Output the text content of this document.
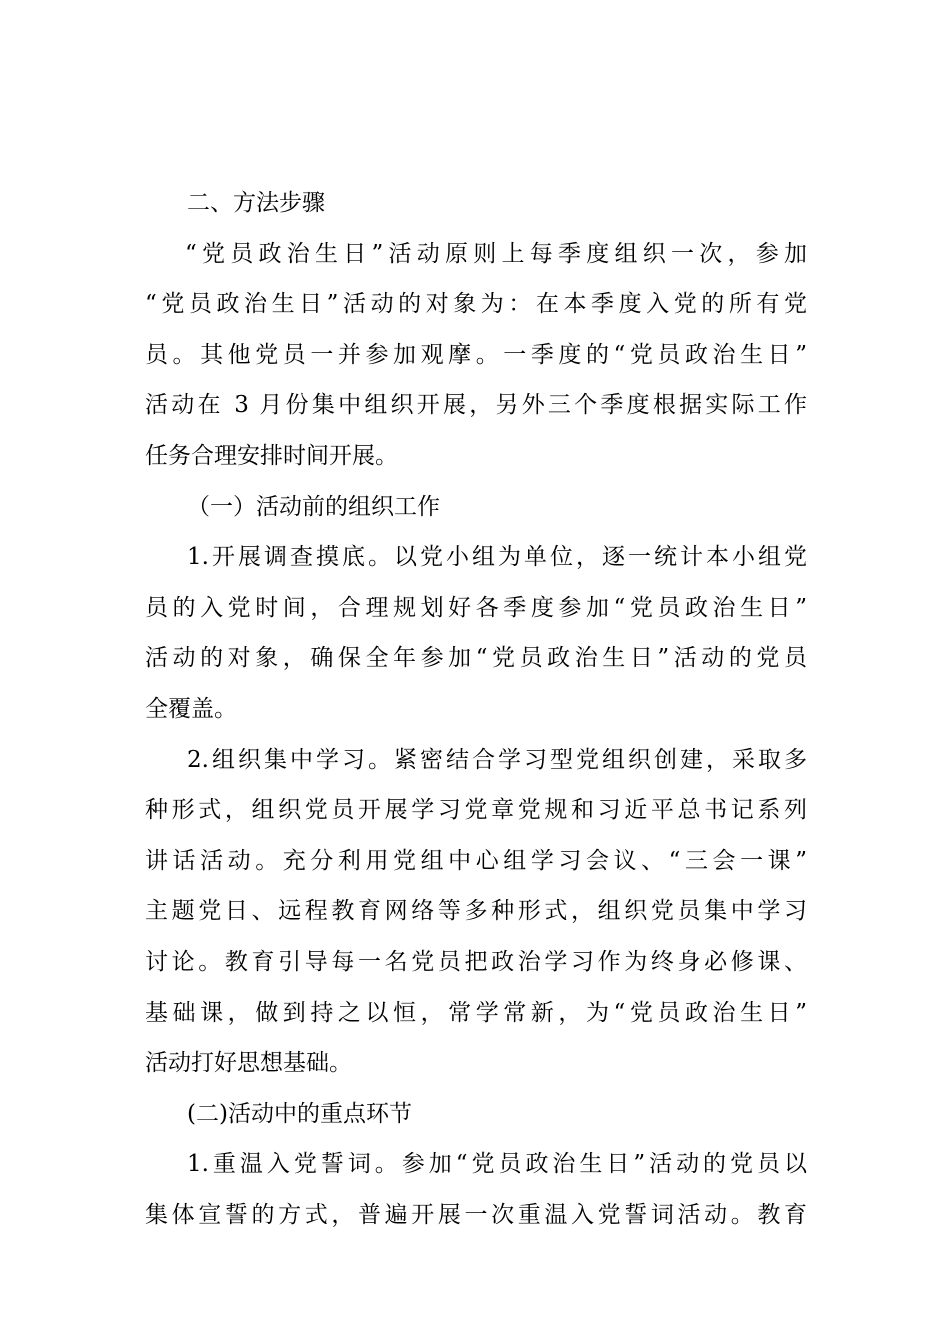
二、方法步骤
“党员政治生日”活动原则上每季度组织一次，参加
“党员政治生日”活动的对象为：在本季度入党的所有党
员。其他党员一并参加观摩。一季度的“党员政治生日”
活动在 3 月份集中组织开展，另外三个季度根据实际工作
任务合理安排时间开展。
（一）活动前的组织工作
1.开展调查摸底。以党小组为单位，逐一统计本小组党
员的入党时间，合理规划好各季度参加“党员政治生日”
活动的对象，确保全年参加“党员政治生日”活动的党员
全覆盖。
2.组织集中学习。紧密结合学习型党组织创建，采取多
种形式，组织党员开展学习党章党规和习近平总书记系列
讲话活动。充分利用党组中心组学习会议、“三会一课”
主题党日、远程教育网络等多种形式，组织党员集中学习
讨论。教育引导每一名党员把政治学习作为终身必修课、
基础课，做到持之以恒，常学常新，为“党员政治生日”
活动打好思想基础。
(二)活动中的重点环节
1.重温入党誓词。参加“党员政治生日”活动的党员以
集体宣誓的方式，普遍开展一次重温入党誓词活动。教育
